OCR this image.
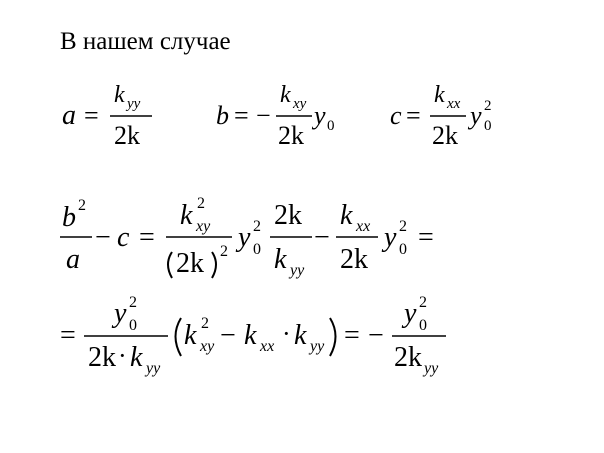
В нашем случае
a =
k yy
2k
b = −
k xy
2k
y 0 c =
k xx
2k
y 0
2
b 2
a
− c =
k xy
2
2k 2 y 0
2 2k
k yy
−
k xx
2k
y 0
2 =
=
y 0
2
2k · k yy
k xy
2 − k xx · k yy = −
y 0
2
2k yy
